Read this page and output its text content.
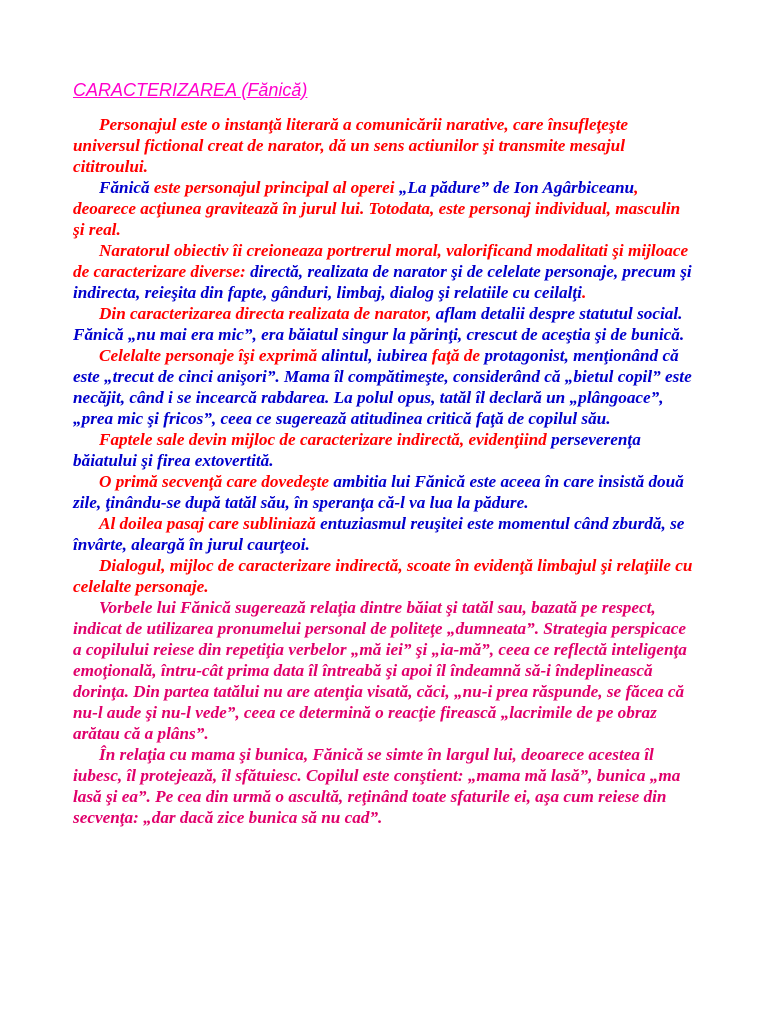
CARACTERIZAREA (Fănică)

Personajul este o instanţă literară a comunicării narative, care însufleţeşte universul fictional creat de narator, dă un sens actiunilor şi transmite mesajul cititroului.

Fănică este personajul principal al operei „La pădure” de Ion Agârbiceanu, deoarece acţiunea gravitează în jurul lui. Totodata, este personaj individual, masculin şi real.

Naratorul obiectiv îi creioneaza portrerul moral, valorificand modalitati şi mijloace de caracterizare diverse: directă, realizata de narator şi de celelate personaje, precum şi indirecta, reieşita din fapte, gânduri, limbaj, dialog şi relatiile cu ceilalţi.

Din caracterizarea directa realizata de narator, aflam detalii despre statutul social. Fănică „nu mai era mic”, era băiatul singur la părinţi, crescut de aceştia şi de bunică.

Celelalte personaje îşi exprimă alintul, iubirea faţă de protagonist, menţionând că este „trecut de cinci anişori”. Mama îl compătimeşte, considerând că „bietul copil” este necăjit, când i se incearcă rabdarea. La polul opus, tatăl îl declară un „plângoace”, „prea mic şi fricos”, ceea ce sugerează atitudinea critică faţă de copilul său.

Faptele sale devin mijloc de caracterizare indirectă, evidenţiind perseverenţa băiatului şi firea extovertită.

O primă secvenţă care dovedeşte ambitia lui Fănică este aceea în care insistă două zile, ţinându-se după tatăl său, în speranţa că-l va lua la pădure.

Al doilea pasaj care subliniază entuziasmul reuşitei este momentul când zburdă, se învârte, aleargă în jurul caurţeoi.

Dialogul, mijloc de caracterizare indirectă, scoate în evidenţă limbajul şi relaţiile cu celelalte personaje.

Vorbele lui Fănică sugerează relaţia dintre băiat şi tatăl sau, bazată pe respect, indicat de utilizarea pronumelui personal de politeţe „dumneata”. Strategia perspicace a copilului reiese din repetiţia verbelor „mă iei” şi „ia-mă”, ceea ce reflectă inteligenţa emoţională, întru-cât prima data îl întreabă şi apoi îl îndeamnă să-i îndeplinească dorinţa. Din partea tatălui nu are atenţia visată, căci, „nu-i prea răspunde, se făcea că nu-l aude şi nu-l vede”, ceea ce determină o reacţie firească „lacrimile de pe obraz arătau că a plâns”.

În relaţia cu mama şi bunica, Fănică se simte în largul lui, deoarece acestea îl iubesc, îl protejează, îl sfătuiesc. Copilul este conştient: „mama mă lasă”, bunica „ma lasă şi ea”. Pe cea din urmă o ascultă, reţinând toate sfaturile ei, aşa cum reiese din secvenţa: „dar dacă zice bunica să nu cad”.
